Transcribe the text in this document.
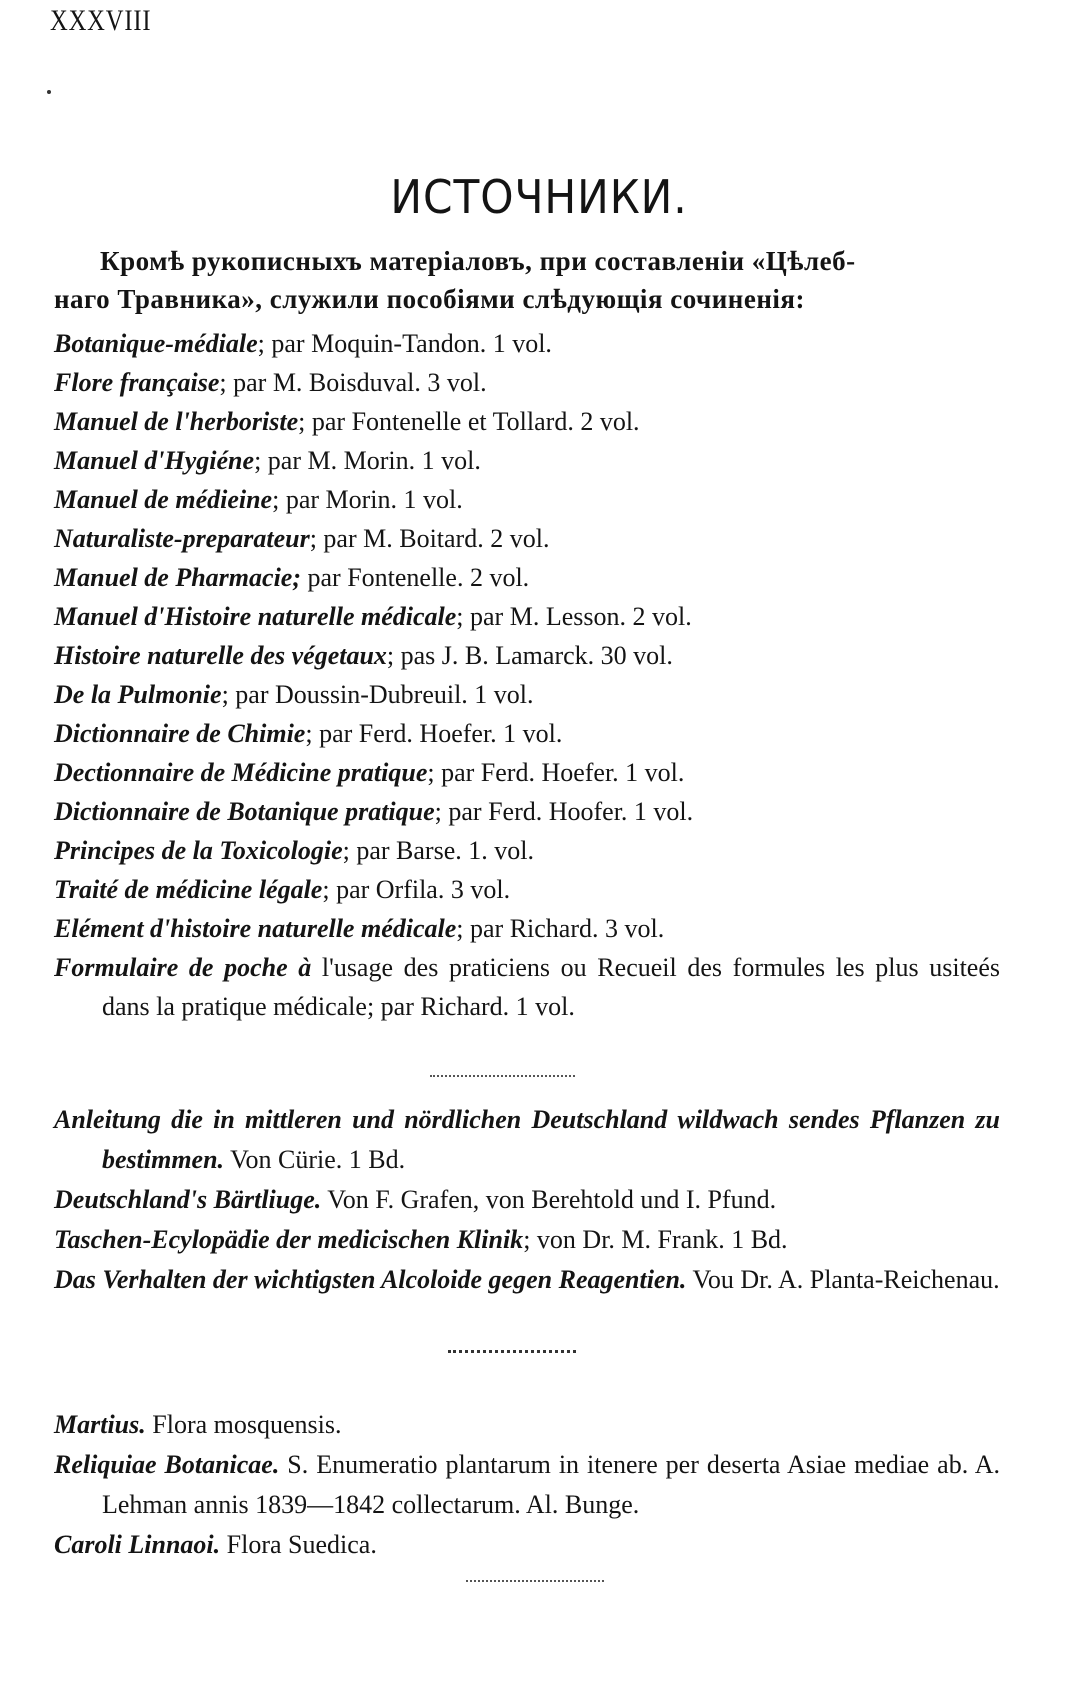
XXXVIII
ИСТОЧНИКИ.
Кромѣ рукописныхъ матеріаловъ, при составленіи «Цѣлеб-
наго Травника», служили пособіями слѣдующія сочиненія:
Botanique-médiale; par Moquin-Tandon. 1 vol.
Flore française; par M. Boisduval. 3 vol.
Manuel de l'herboriste; par Fontenelle et Tollard. 2 vol.
Manuel d'Hygiéne; par M. Morin. 1 vol.
Manuel de médieine; par Morin. 1 vol.
Naturaliste-preparateur; par M. Boitard. 2 vol.
Manuel de Pharmacie; par Fontenelle. 2 vol.
Manuel d'Histoire naturelle médicale; par M. Lesson. 2 vol.
Histoire naturelle des végetaux; pas J. B. Lamarck. 30 vol.
De la Pulmonie; par Doussin-Dubreuil. 1 vol.
Dictionnaire de Chimie; par Ferd. Hoefer. 1 vol.
Dectionnaire de Médicine pratique; par Ferd. Hoefer. 1 vol.
Dictionnaire de Botanique pratique; par Ferd. Hoofer. 1 vol.
Principes de la Toxicologie; par Barse. 1. vol.
Traité de médicine légale; par Orfila. 3 vol.
Elément d'histoire naturelle médicale; par Richard. 3 vol.
Formulaire de poche à l'usage des praticiens ou Recueil des formules les plus usiteés dans la pratique médicale; par Richard. 1 vol.
Anleitung die in mittleren und nördlichen Deutschland wildwach sendes Pflanzen zu bestimmen. Von Cürie. 1 Bd.
Deutschland's Bärtliuge. Von F. Grafen, von Berehtold und I. Pfund.
Taschen-Ecylopädie der medicischen Klinik; von Dr. M. Frank. 1 Bd.
Das Verhalten der wichtigsten Alcoloide gegen Reagentien. Vou Dr. A. Planta-Reichenau.
Martius. Flora mosquensis.
Reliquiae Botanicae. S. Enumeratio plantarum in itenere per deserta Asiae mediae ab. A. Lehman annis 1839—1842 collectarum. Al. Bunge.
Caroli Linnaoi. Flora Suedica.
